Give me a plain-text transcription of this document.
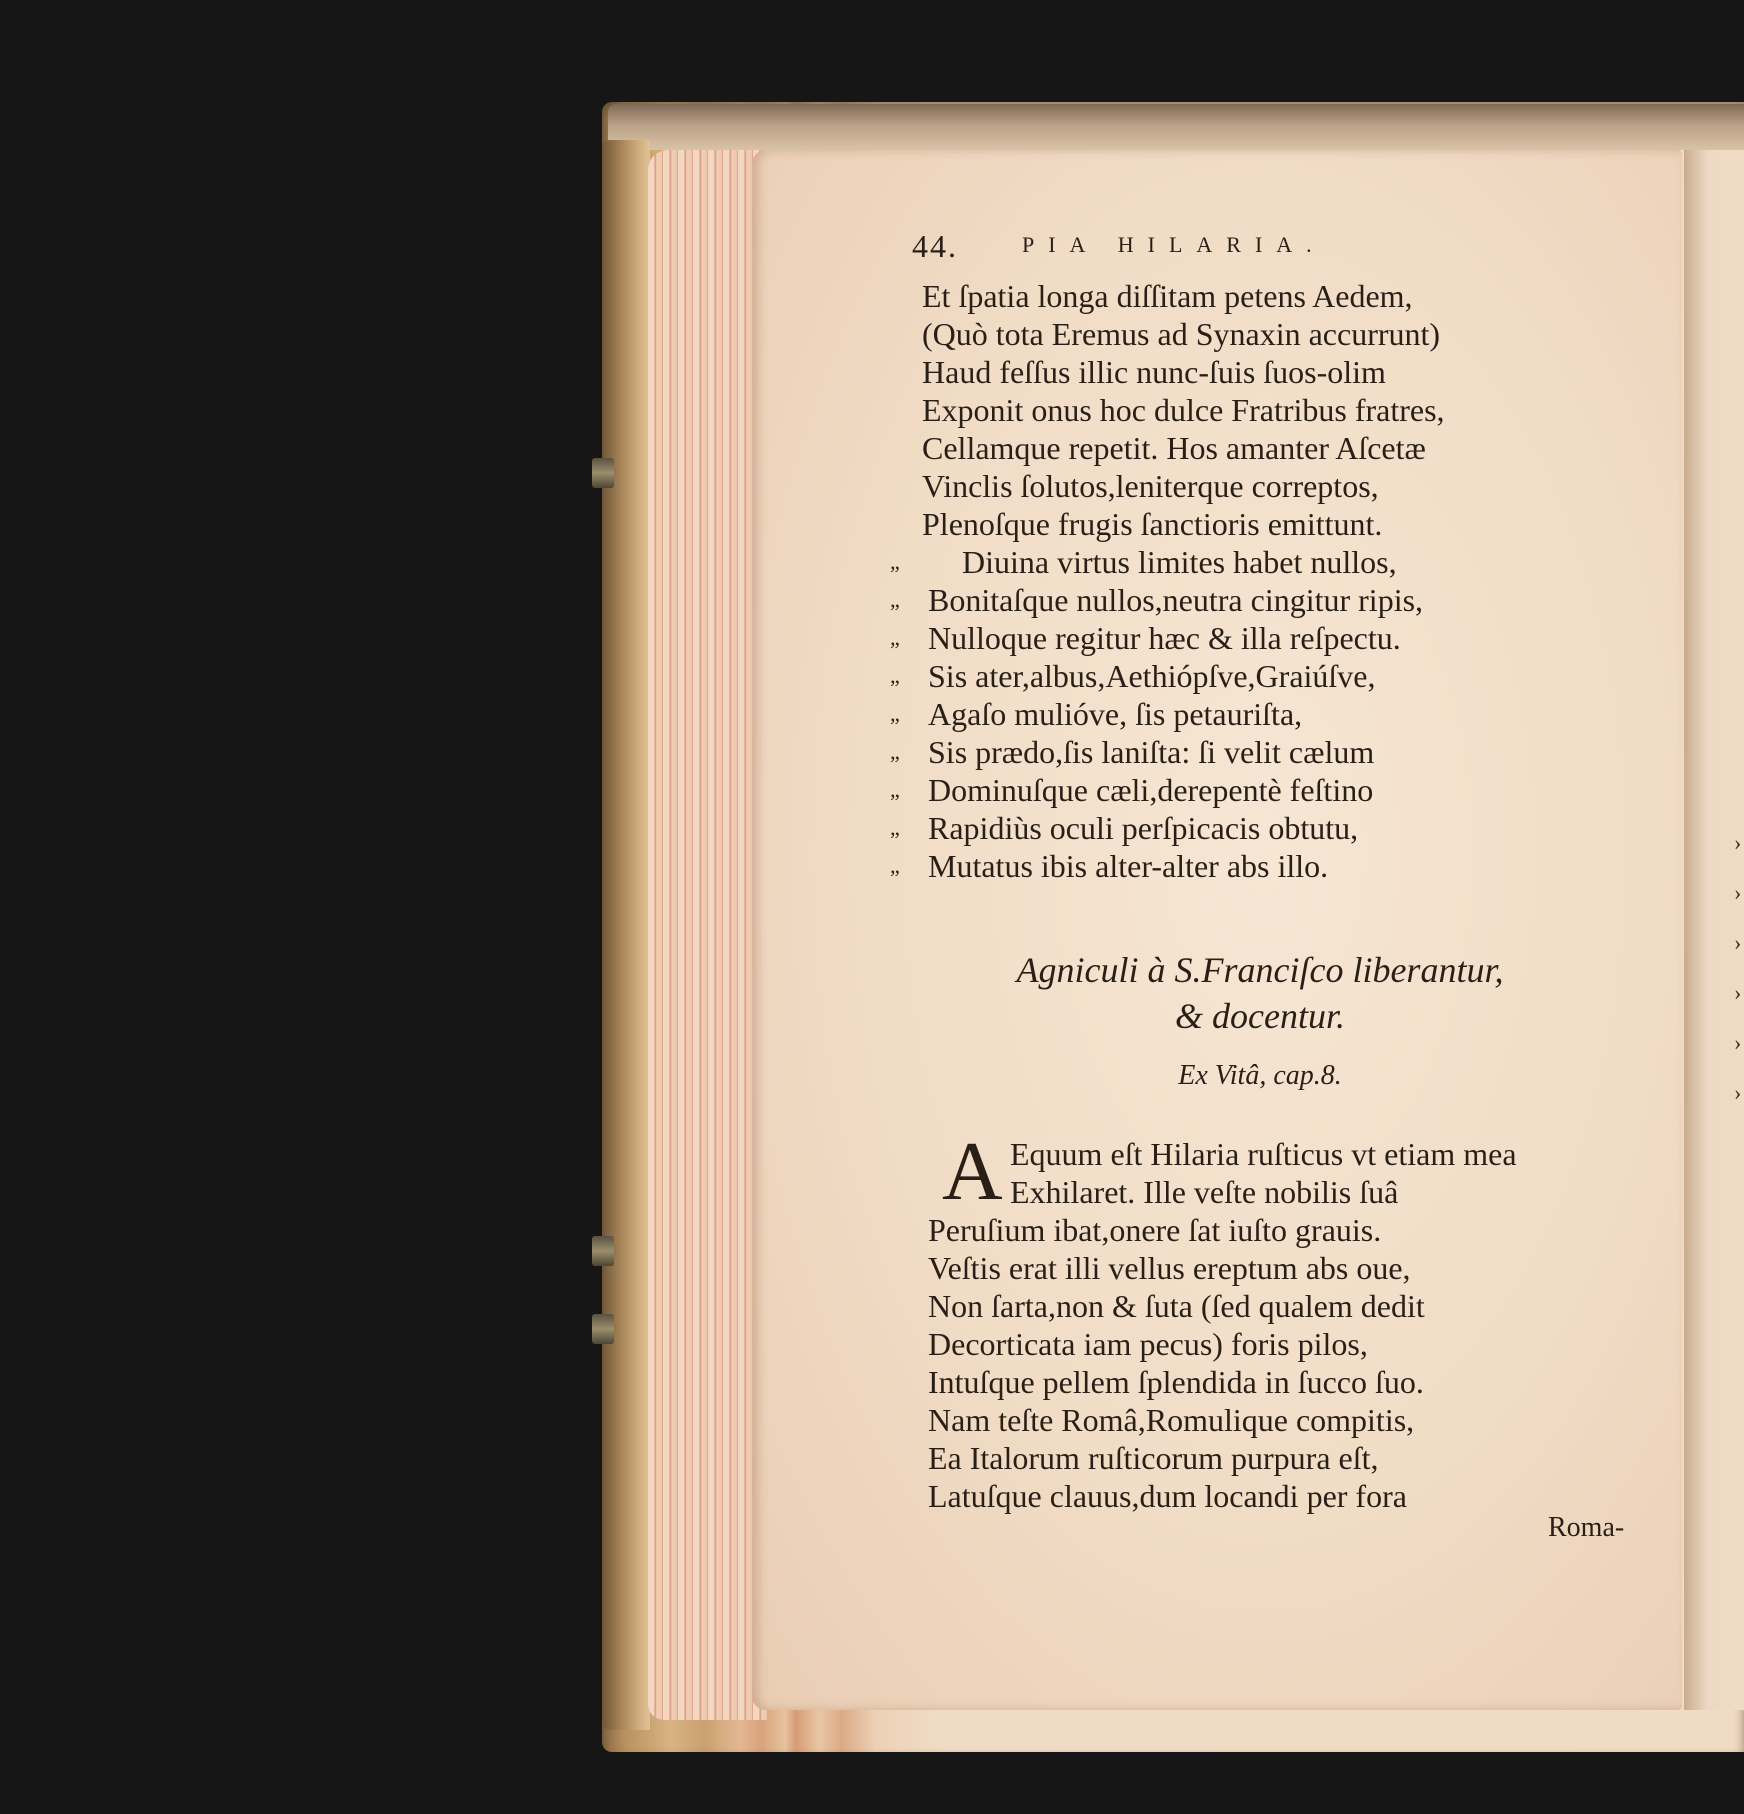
44.	PIA HILARIA.
Et ſpatia longa diſſitam petens Aedem,
(Quò tota Eremus ad Synaxin accurrunt)
Haud feſſus illic nunc-ſuis ſuos-olim
Exponit onus hoc dulce Fratribus fratres,
Cellamque repetit. Hos amanter Aſcetæ
Vinclis ſolutos,leniterque correptos,
Plenoſque frugis ſanctioris emittunt.
Diuina virtus limites habet nullos,
„
Bonitaſque nullos,neutra cingitur ripis,
„
Nulloque regitur hæc & illa reſpectu.
„
Sis ater,albus,Aethiópſve,Graiúſve,
„
Agaſo mulióve, ſis petauriſta,
„
Sis prædo,ſis laniſta: ſi velit cælum
„
Dominuſque cæli,derepentè feſtino
„
Rapidiùs oculi perſpicacis obtutu,
„
Mutatus ibis alter-alter abs illo.
„
Agniculi à S.Franciſco liberantur,
& docentur.
Ex Vitâ, cap.8.
A Equum eſt Hilaria ruſticus vt etiam mea
Exhilaret. Ille veſte nobilis ſuâ
Peruſium ibat,onere ſat iuſto grauis.
Veſtis erat illi vellus ereptum abs oue,
Non ſarta,non & ſuta (ſed qualem dedit
Decorticata iam pecus) foris pilos,
Intuſque pellem ſplendida in ſucco ſuo.
Nam teſte Româ,Romulique compitis,
Ea Italorum ruſticorum purpura eſt,
Latuſque clauus,dum locandi per fora
Roma-
›
›
›
›
›
›
